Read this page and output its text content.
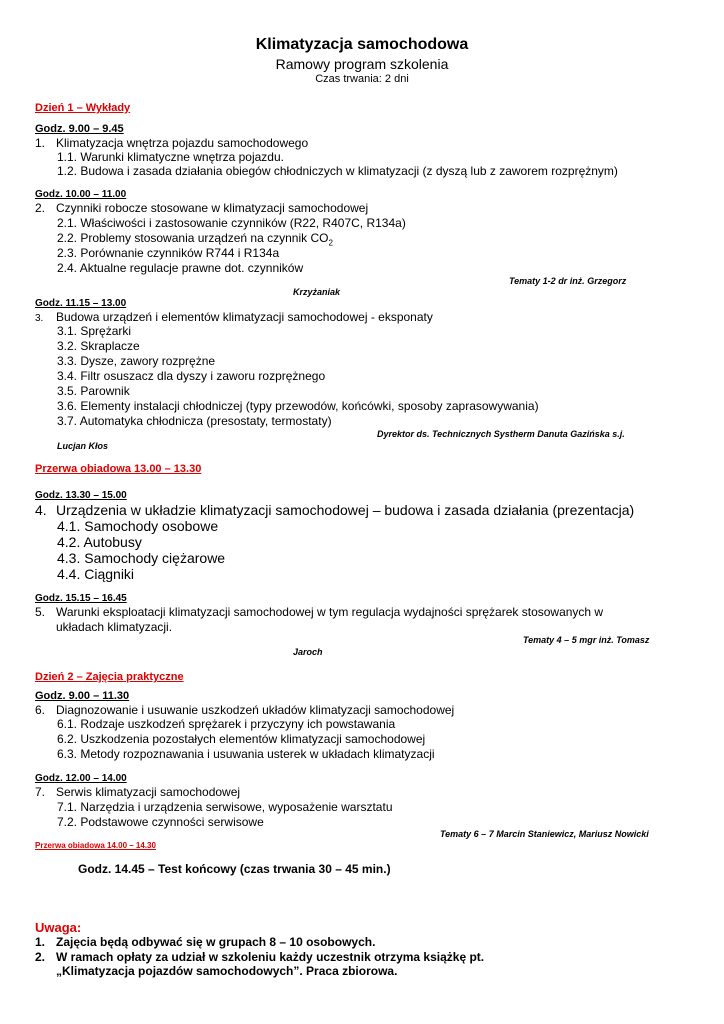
Klimatyzacja samochodowa
Ramowy program szkolenia
Czas trwania: 2 dni
Dzień 1 – Wykłady
Godz. 9.00 – 9.45
1. Klimatyzacja wnętrza pojazdu samochodowego
1.1. Warunki klimatyczne wnętrza pojazdu.
1.2. Budowa i zasada działania obiegów chłodniczych w klimatyzacji (z dyszą lub z zaworem rozprężnym)
Godz. 10.00 – 11.00
2. Czynniki robocze stosowane w klimatyzacji samochodowej
2.1. Właściwości i zastosowanie czynników (R22, R407C, R134a)
2.2. Problemy stosowania urządzeń na czynnik $CO_2$
2.3. Porównanie czynników R744 i R134a
2.4. Aktualne regulacje prawne dot. czynników
Tematy 1-2 dr inż. Grzegorz
Krzyżaniak
Godz. 11.15 – 13.00
3. Budowa urządzeń i elementów klimatyzacji samochodowej - eksponaty
3.1. Sprężarki
3.2. Skraplacze
3.3. Dysze, zawory rozprężne
3.4. Filtr osuszacz dla dyszy i zaworu rozprężnego
3.5. Parownik
3.6. Elementy instalacji chłodniczej (typy przewodów, końcówki, sposoby zaprasowywania)
3.7. Automatyka chłodnicza (presostaty, termostaty)
Dyrektor ds. Technicznych Systherm Danuta Gazińska s.j.
Lucjan Kłos
Przerwa obiadowa 13.00 – 13.30
Godz. 13.30 – 15.00
4. Urządzenia w układzie klimatyzacji samochodowej – budowa i zasada działania (prezentacja)
4.1. Samochody osobowe
4.2. Autobusy
4.3. Samochody ciężarowe
4.4. Ciągniki
Godz. 15.15 – 16.45
5. Warunki eksploatacji klimatyzacji samochodowej w tym regulacja wydajności sprężarek stosowanych w
układach klimatyzacji.
Tematy 4 – 5 mgr inż. Tomasz
Jaroch
Dzień 2 – Zajęcia praktyczne
Godz. 9.00 – 11.30
6. Diagnozowanie i usuwanie uszkodzeń układów klimatyzacji samochodowej
6.1. Rodzaje uszkodzeń sprężarek i przyczyny ich powstawania
6.2. Uszkodzenia pozostałych elementów klimatyzacji samochodowej
6.3. Metody rozpoznawania i usuwania usterek w układach klimatyzacji
Godz. 12.00 – 14.00
7. Serwis klimatyzacji samochodowej
7.1. Narzędzia i urządzenia serwisowe, wyposażenie warsztatu
7.2. Podstawowe czynności serwisowe
Tematy 6 – 7 Marcin Staniewicz, Mariusz Nowicki
Przerwa obiadowa 14.00 – 14.30
Godz. 14.45 – Test końcowy (czas trwania 30 – 45 min.)
Uwaga:
1. Zajęcia będą odbywać się w grupach 8 – 10 osobowych.
2. W ramach opłaty za udział w szkoleniu każdy uczestnik otrzyma książkę pt.
„Klimatyzacja pojazdów samochodowych”. Praca zbiorowa.
